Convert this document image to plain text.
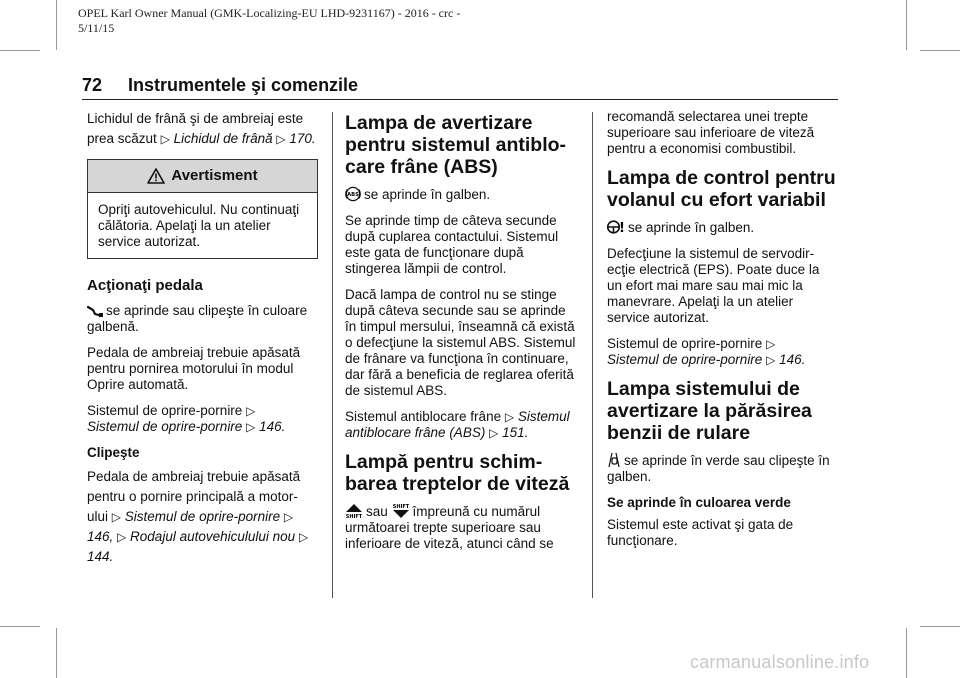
OPEL Karl Owner Manual (GMK-Localizing-EU LHD-9231167) - 2016 - crc -
5/11/15
72 Instrumentele şi comenzile

Lichidul de frână şi de ambreiaj este prea scăzut ▷ Lichidul de frână ▷ 170.

Avertisment
Opriţi autovehiculul. Nu continuaţi călătoria. Apelaţi la un atelier service autorizat.
Acţionaţi pedala

se aprinde sau clipeşte în culoare galbenă.

Pedala de ambreiaj trebuie apăsată pentru pornirea motorului în modul Oprire automată.

Sistemul de oprire-pornire ▷
Sistemul de oprire-pornire ▷ 146.

Clipeşte

Pedala de ambreiaj trebuie apăsată pentru o pornire principală a motor-ului ▷ Sistemul de oprire-pornire ▷ 146, ▷ Rodajul autovehiculului nou ▷ 144.

Lampa de avertizare pentru sistemul antiblo-care frâne (ABS)

ABS se aprinde în galben.

Se aprinde timp de câteva secunde după cuplarea contactului. Sistemul este gata de funcţionare după stingerea lămpii de control.

Dacă lampa de control nu se stinge după câteva secunde sau se aprinde în timpul mersului, înseamnă că există o defecţiune la sistemul ABS. Sistemul de frânare va funcţiona în continuare, dar fără a beneficia de reglarea oferită de sistemul ABS.

Sistemul antiblocare frâne ▷ Sistemul antiblocare frâne (ABS) ▷ 151.

Lampă pentru schim-barea treptelor de viteză

SHIFT sau SHIFT împreună cu numărul următoarei trepte superioare sau inferioare de viteză, atunci când se

recomandă selectarea unei trepte superioare sau inferioare de viteză pentru a economisi combustibil.

Lampa de control pentru volanul cu efort variabil

! se aprinde în galben.

Defecţiune la sistemul de servodir-ecţie electrică (EPS). Poate duce la un efort mai mare sau mai mic la manevrare. Apelaţi la un atelier service autorizat.

Sistemul de oprire-pornire ▷
Sistemul de oprire-pornire ▷ 146.

Lampa sistemului de avertizare la părăsirea benzii de rulare

se aprinde în verde sau clipeşte în galben.

Se aprinde în culoarea verde

Sistemul este activat şi gata de funcţionare.

carmanualsonline.info
